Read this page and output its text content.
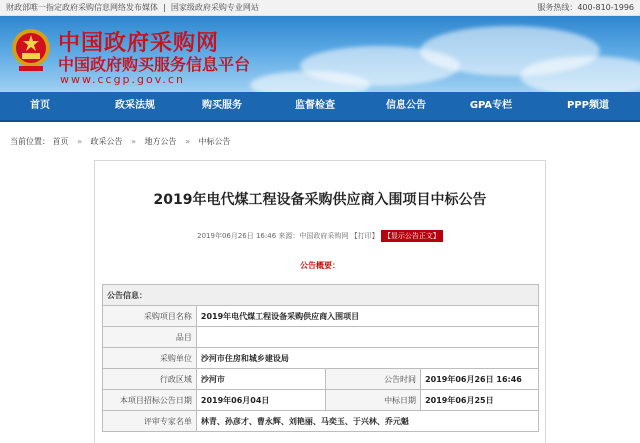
财政部唯一指定政府采购信息网络发布媒体  |  国家级政府采购专业网站	服务热线：400-810-1996
中国政府采购网
中国政府购买服务信息平台
www.ccgp.gov.cn
首页	政采法规	购买服务	监督检查	信息公告	GPA专栏	PPP频道
当前位置： 首页 » 政采公告 » 地方公告 » 中标公告
2019年电代煤工程设备采购供应商入围项目中标公告
2019年06月26日 16:46 来源：中国政府采购网 【打印】 【显示公告正文】
公告概要：
公告信息：			
采购项目名称	2019年电代煤工程设备采购供应商入围项目		
品目			
采购单位	沙河市住房和城乡建设局		
行政区域	沙河市	公告时间	2019年06月26日 16:46
本项目招标公告日期	2019年06月04日	中标日期	2019年06月25日
评审专家名单	林青、孙彦才、曹永辉、刘艳丽、马奕玉、于兴林、乔元魁		
